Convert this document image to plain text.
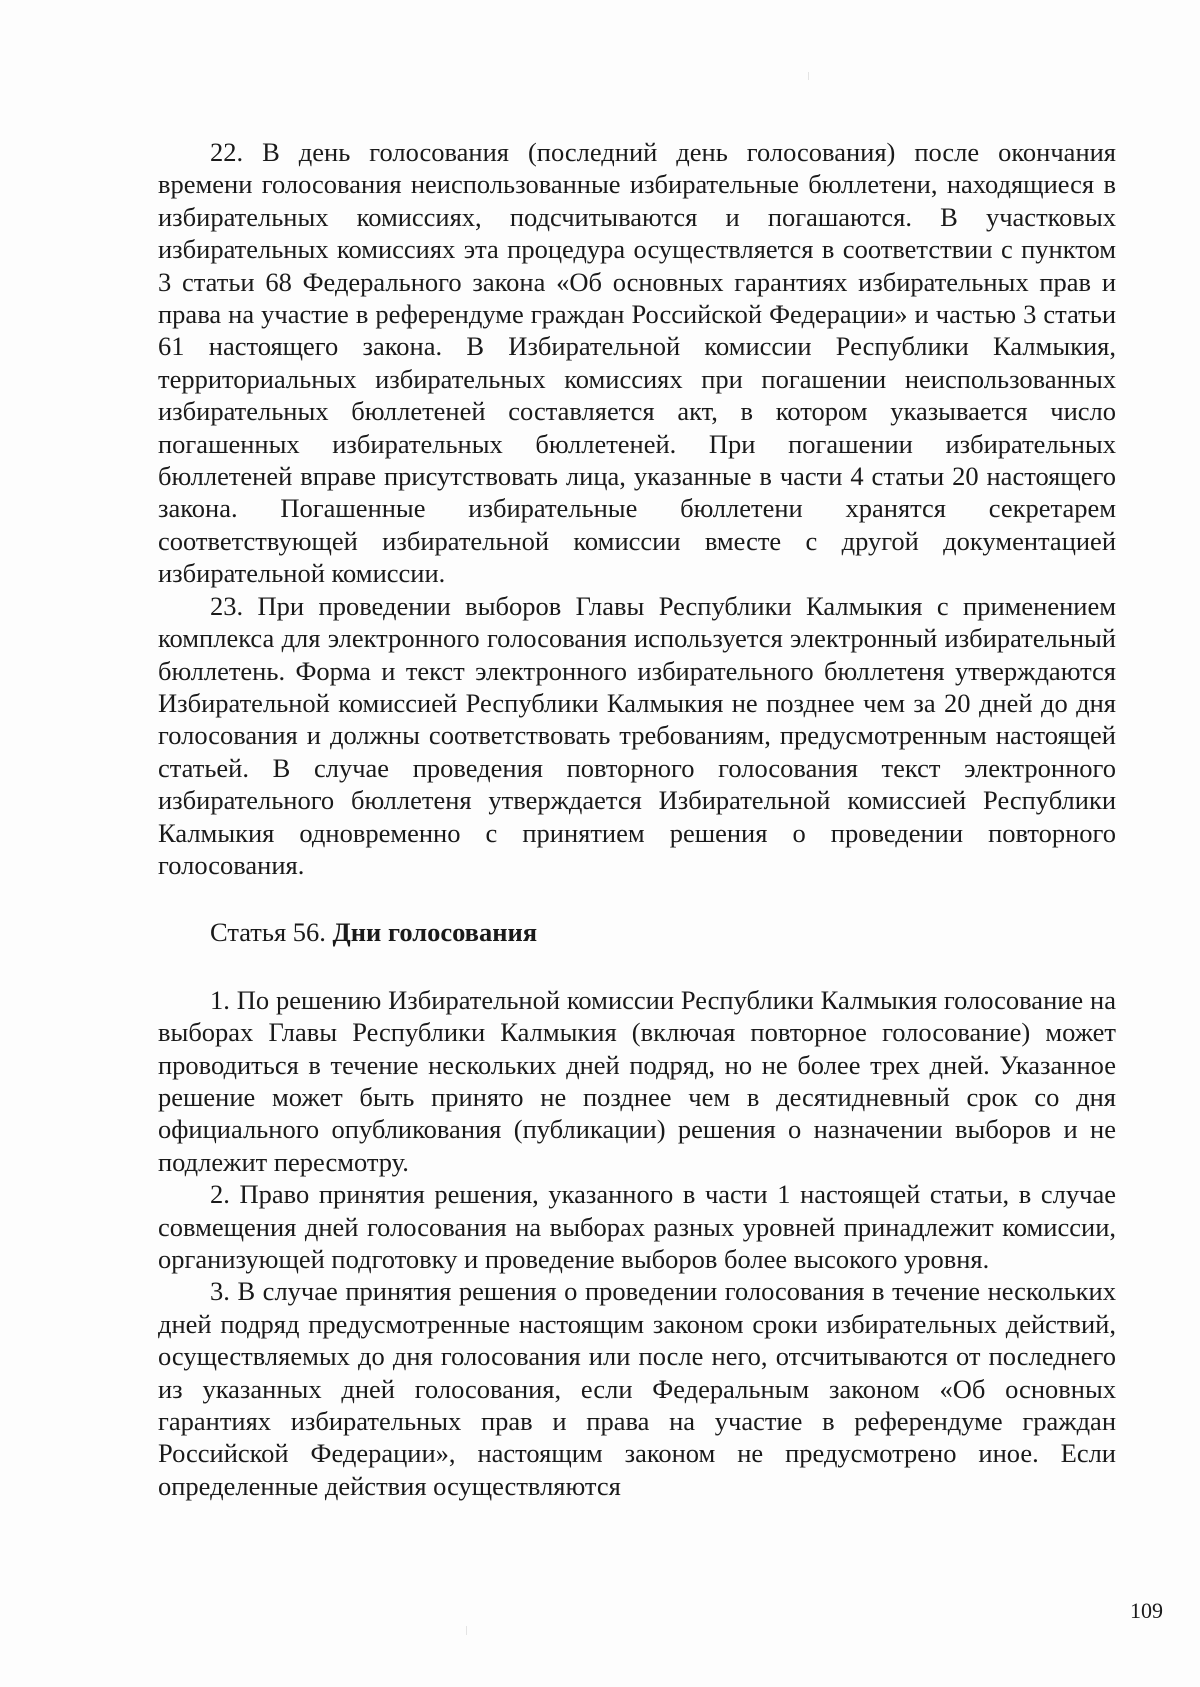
22. В день голосования (последний день голосования) после окончания времени голосования неиспользованные избирательные бюллетени, находящиеся в избирательных комиссиях, подсчитываются и погашаются. В участковых избирательных комиссиях эта процедура осуществляется в соответствии с пунктом 3 статьи 68 Федерального закона «Об основных гарантиях избирательных прав и права на участие в референдуме граждан Российской Федерации» и частью 3 статьи 61 настоящего закона. В Избирательной комиссии Республики Калмыкия, территориальных избирательных комиссиях при погашении неиспользованных избирательных бюллетеней составляется акт, в котором указывается число погашенных избирательных бюллетеней. При погашении избирательных бюллетеней вправе присутствовать лица, указанные в части 4 статьи 20 настоящего закона. Погашенные избирательные бюллетени хранятся секретарем соответствующей избирательной комиссии вместе с другой документацией избирательной комиссии.

23. При проведении выборов Главы Республики Калмыкия с применением комплекса для электронного голосования используется электронный избирательный бюллетень. Форма и текст электронного избирательного бюллетеня утверждаются Избирательной комиссией Республики Калмыкия не позднее чем за 20 дней до дня голосования и должны соответствовать требованиям, предусмотренным настоящей статьей. В случае проведения повторного голосования текст электронного избирательного бюллетеня утверждается Избирательной комиссией Республики Калмыкия одновременно с принятием решения о проведении повторного голосования.

Статья 56. Дни голосования

1. По решению Избирательной комиссии Республики Калмыкия голосование на выборах Главы Республики Калмыкия (включая повторное голосование) может проводиться в течение нескольких дней подряд, но не более трех дней. Указанное решение может быть принято не позднее чем в десятидневный срок со дня официального опубликования (публикации) решения о назначении выборов и не подлежит пересмотру.

2. Право принятия решения, указанного в части 1 настоящей статьи, в случае совмещения дней голосования на выборах разных уровней принадлежит комиссии, организующей подготовку и проведение выборов более высокого уровня.

3. В случае принятия решения о проведении голосования в течение нескольких дней подряд предусмотренные настоящим законом сроки избирательных действий, осуществляемых до дня голосования или после него, отсчитываются от последнего из указанных дней голосования, если Федеральным законом «Об основных гарантиях избирательных прав и права на участие в референдуме граждан Российской Федерации», настоящим законом не предусмотрено иное. Если определенные действия осуществляются

109
